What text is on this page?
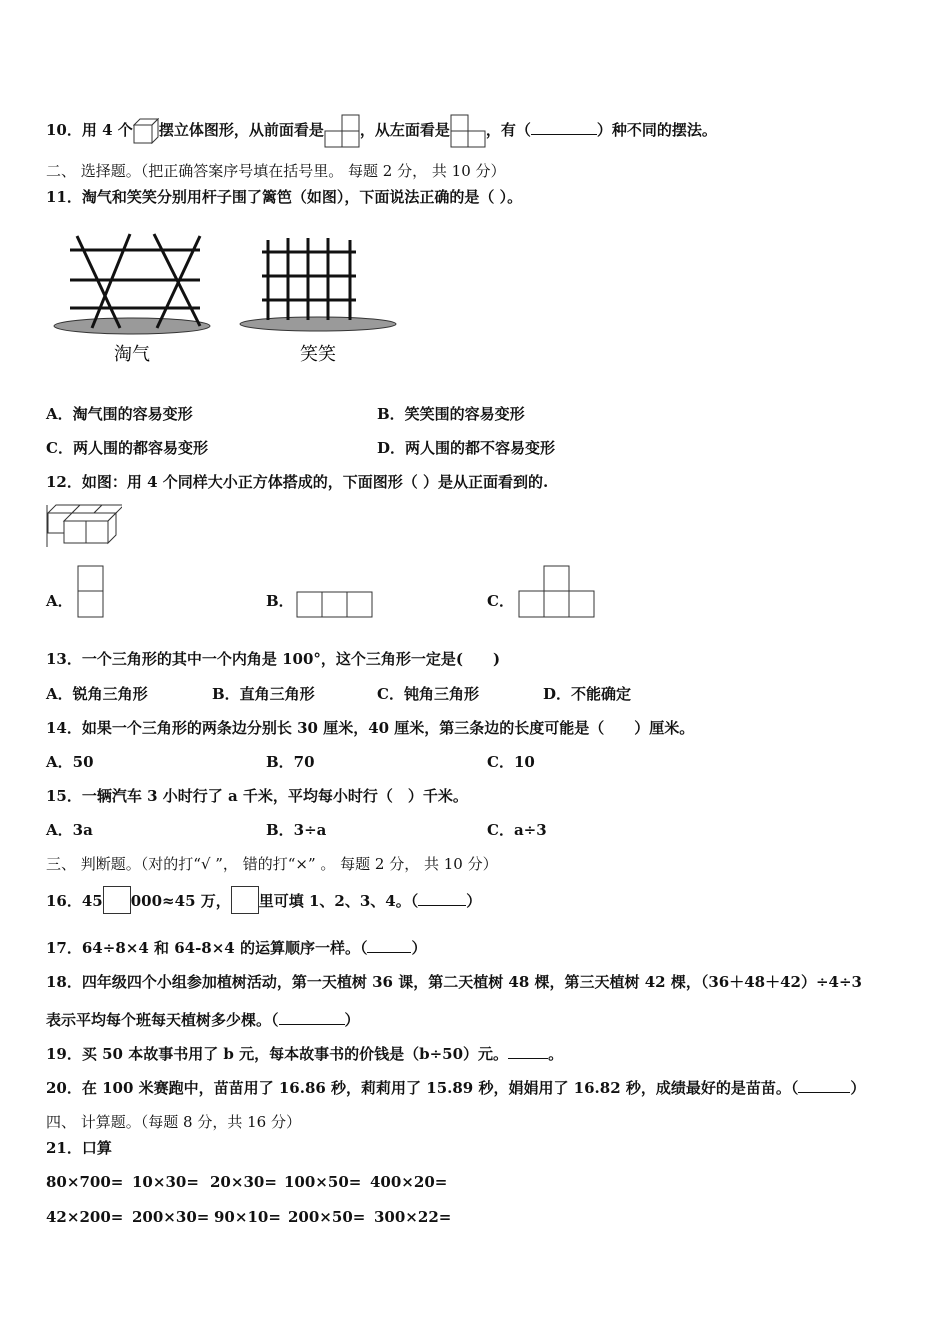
10．用 4 个 摆立体图形，从前面看是 ，从左面看是 ，有（	）种不同的摆法。
二、 选择题。（把正确答案序号填在括号里。 每题 2 分， 共 10 分）
11．淘气和笑笑分别用杆子围了篱笆（如图），下面说法正确的是（ ）。
淘气	笑笑
A．淘气围的容易变形	B．笑笑围的容易变形
C．两人围的都容易变形	D．两人围的都不容易变形
12．如图：用 4 个同样大小正方体搭成的，下面图形（ ）是从正面看到的.
A．	B．	C．
13．一个三角形的其中一个内角是 100°，这个三角形一定是(　　)
A．锐角三角形	B．直角三角形	C．钝角三角形	D．不能确定
14．如果一个三角形的两条边分别长 30 厘米，40 厘米，第三条边的长度可能是（　　）厘米。
A．50	B．70	C．10
15．一辆汽车 3 小时行了 a 千米，平均每小时行（　）千米。
A．3a	B．3÷a	C．a÷3
三、 判断题。（对的打“√ ”， 错的打“×” 。 每题 2 分， 共 10 分）
16．45 000≈45 万， 里可填 1、2、3、4。（	）
17．64÷8×4 和 64-8×4 的运算顺序一样。（	）
18．四年级四个小组参加植树活动，第一天植树 36 课，第二天植树 48 棵，第三天植树 42 棵，（36＋48＋42）÷4÷3
表示平均每个班每天植树多少棵。（	）
19．买 50 本故事书用了 b 元，每本故事书的价钱是（b÷50）元。	。
20．在 100 米赛跑中，苗苗用了 16.86 秒，莉莉用了 15.89 秒，娟娟用了 16.82 秒，成绩最好的是苗苗。（	）
四、 计算题。（每题 8 分，共 16 分）
21．口算
80×700= 10×30= 20×30= 100×50= 400×20=
42×200= 200×30= 90×10= 200×50= 300×22=
